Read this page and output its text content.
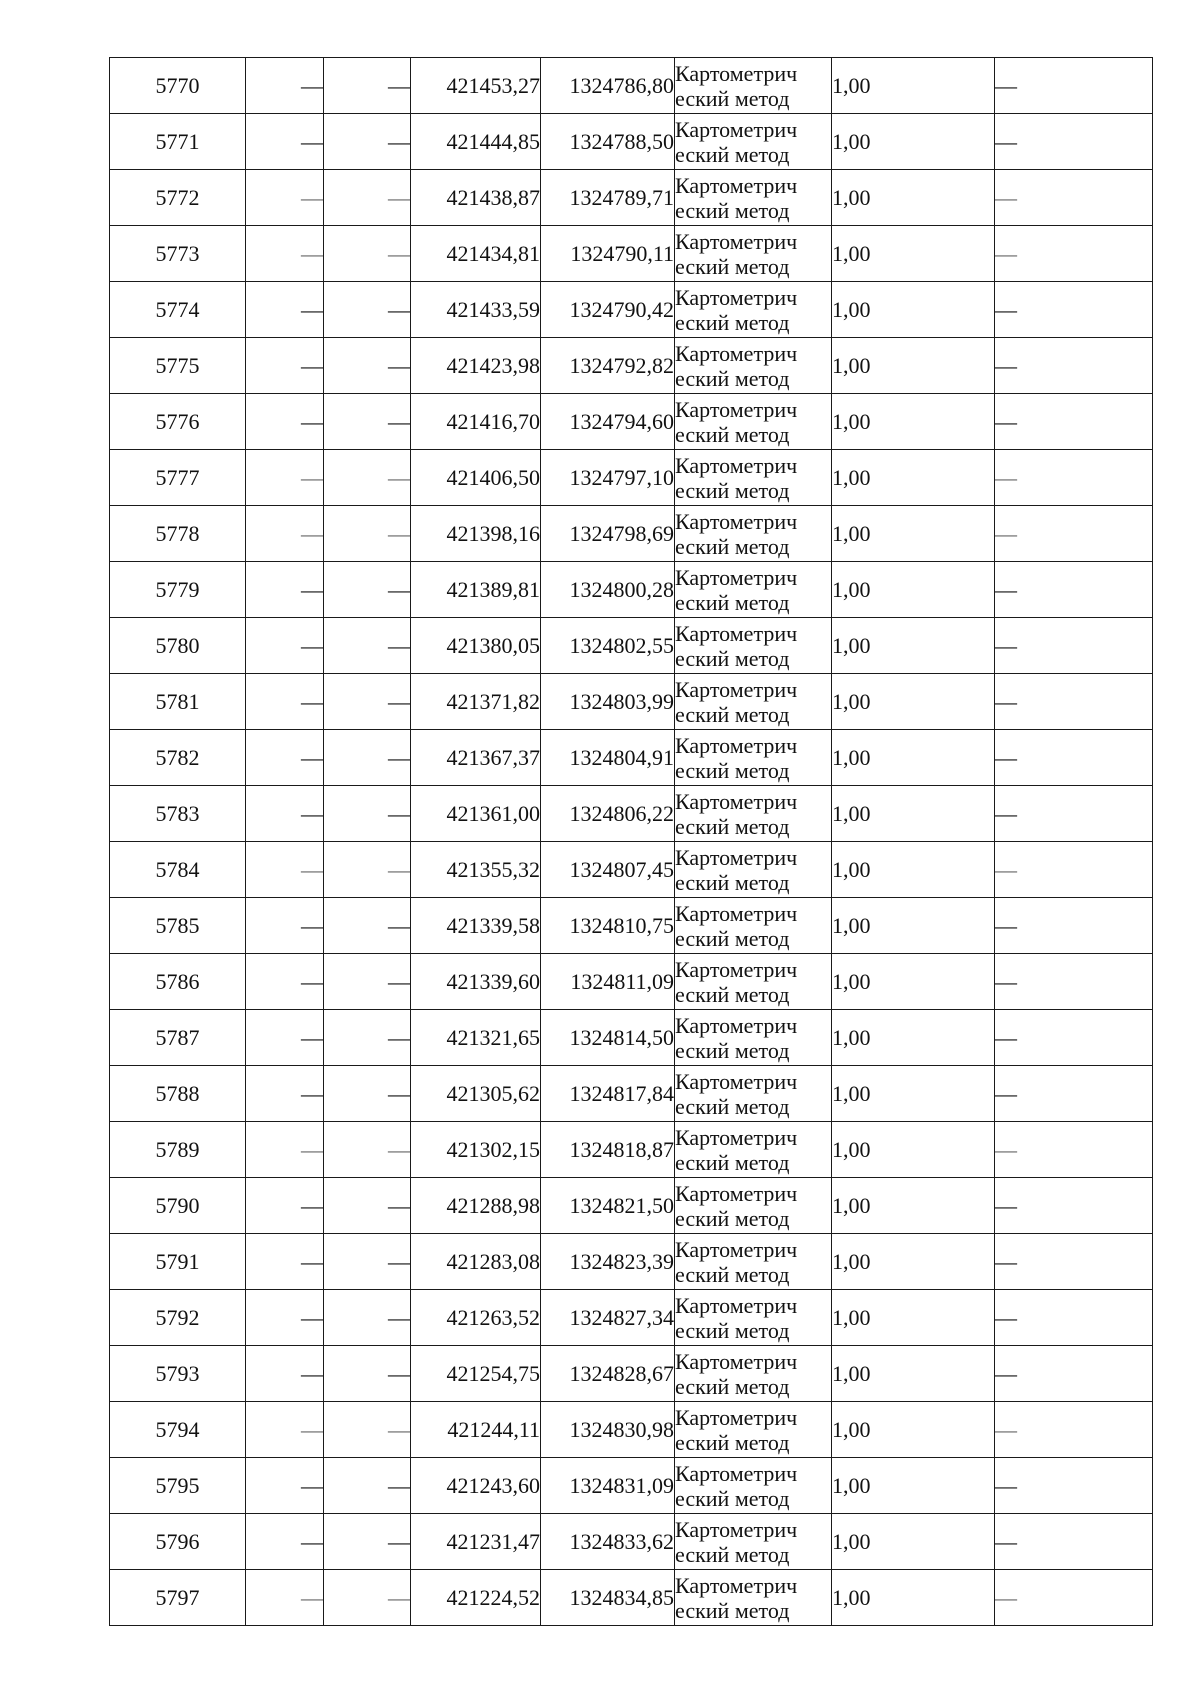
5770	—	—	421453,27	1324786,80	Картометрич
еский метод	1,00	—
5771	—	—	421444,85	1324788,50	Картометрич
еский метод	1,00	—
5772	—	—	421438,87	1324789,71	Картометрич
еский метод	1,00	—
5773	—	—	421434,81	1324790,11	Картометрич
еский метод	1,00	—
5774	—	—	421433,59	1324790,42	Картометрич
еский метод	1,00	—
5775	—	—	421423,98	1324792,82	Картометрич
еский метод	1,00	—
5776	—	—	421416,70	1324794,60	Картометрич
еский метод	1,00	—
5777	—	—	421406,50	1324797,10	Картометрич
еский метод	1,00	—
5778	—	—	421398,16	1324798,69	Картометрич
еский метод	1,00	—
5779	—	—	421389,81	1324800,28	Картометрич
еский метод	1,00	—
5780	—	—	421380,05	1324802,55	Картометрич
еский метод	1,00	—
5781	—	—	421371,82	1324803,99	Картометрич
еский метод	1,00	—
5782	—	—	421367,37	1324804,91	Картометрич
еский метод	1,00	—
5783	—	—	421361,00	1324806,22	Картометрич
еский метод	1,00	—
5784	—	—	421355,32	1324807,45	Картометрич
еский метод	1,00	—
5785	—	—	421339,58	1324810,75	Картометрич
еский метод	1,00	—
5786	—	—	421339,60	1324811,09	Картометрич
еский метод	1,00	—
5787	—	—	421321,65	1324814,50	Картометрич
еский метод	1,00	—
5788	—	—	421305,62	1324817,84	Картометрич
еский метод	1,00	—
5789	—	—	421302,15	1324818,87	Картометрич
еский метод	1,00	—
5790	—	—	421288,98	1324821,50	Картометрич
еский метод	1,00	—
5791	—	—	421283,08	1324823,39	Картометрич
еский метод	1,00	—
5792	—	—	421263,52	1324827,34	Картометрич
еский метод	1,00	—
5793	—	—	421254,75	1324828,67	Картометрич
еский метод	1,00	—
5794	—	—	421244,11	1324830,98	Картометрич
еский метод	1,00	—
5795	—	—	421243,60	1324831,09	Картометрич
еский метод	1,00	—
5796	—	—	421231,47	1324833,62	Картометрич
еский метод	1,00	—
5797	—	—	421224,52	1324834,85	Картометрич
еский метод	1,00	—
